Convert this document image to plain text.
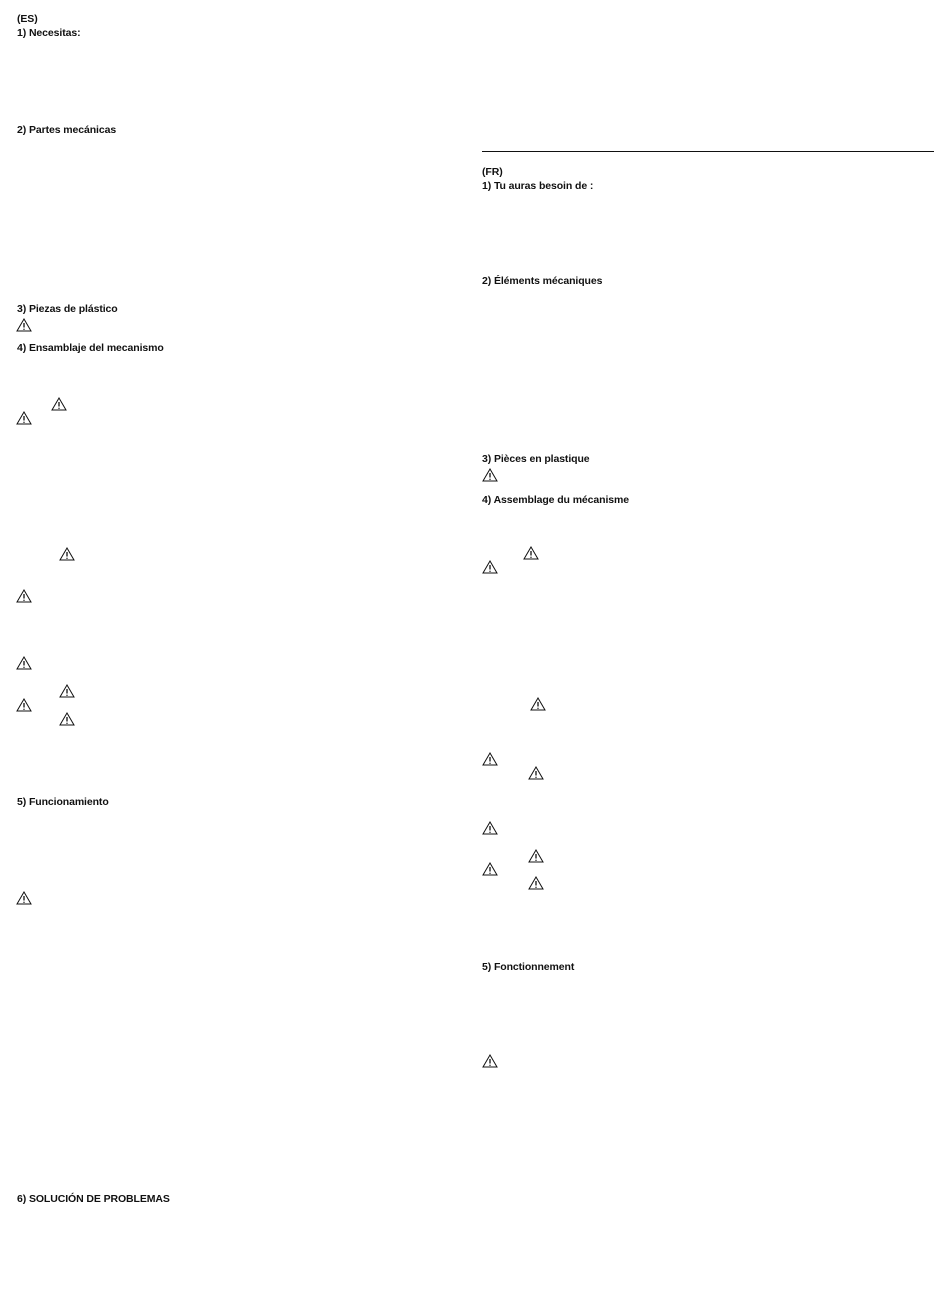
(ES)
1) Necesitas:
2) Partes mecánicas
3) Piezas de plástico
4) Ensamblaje del mecanismo
5) Funcionamiento
6) SOLUCIÓN DE PROBLEMAS
(FR)
1) Tu auras besoin de :
2) Éléments mécaniques
3) Pièces en plastique
4) Assemblage du mécanisme
5) Fonctionnement
